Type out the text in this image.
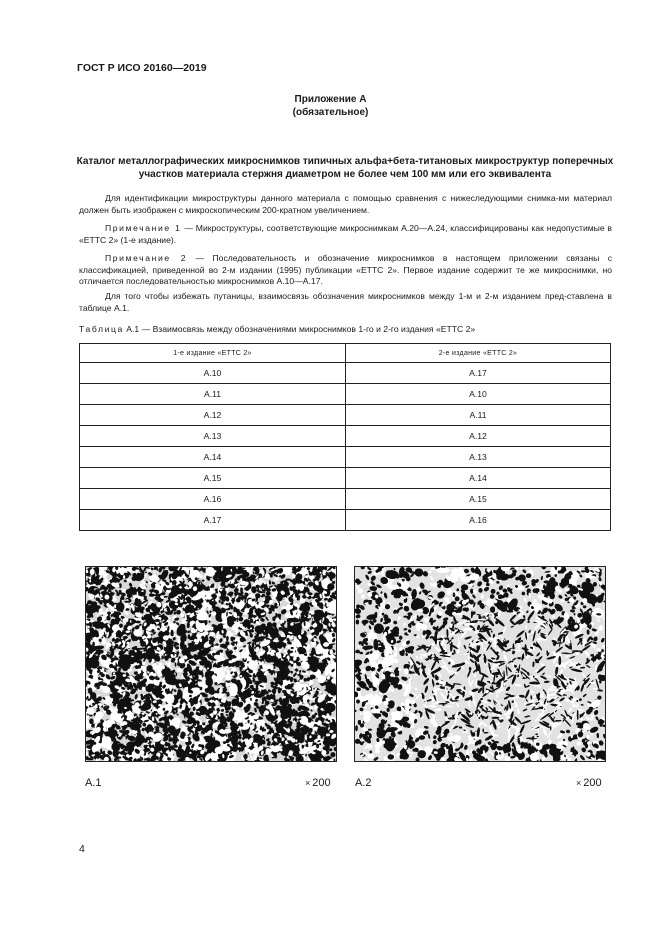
ГОСТ Р ИСО 20160—2019
Приложение А
(обязательное)
Каталог металлографических микроснимков типичных альфа+бета-титановых микроструктур поперечных участков материала стержня диаметром не более чем 100 мм или его эквивалента
Для идентификации микроструктуры данного материала с помощью сравнения с нижеследующими снимка-ми материал должен быть изображен с микроскопическим 200-кратном увеличением.
Примечание 1 — Микроструктуры, соответствующие микроснимкам А.20—А.24, классифицированы как недопустимые в «ЕТТС 2» (1-е издание).
Примечание 2 — Последовательность и обозначение микроснимков в настоящем приложении связаны с классификацией, приведенной во 2-м издании (1995) публикации «ЕТТС 2». Первое издание содержит те же микроснимки, но отличается последовательностью микроснимков А.10—А.17.
Для того чтобы избежать путаницы, взаимосвязь обозначения микроснимков между 1-м и 2-м изданием пред-ставлена в таблице А.1.
Таблица А.1 — Взаимосвязь между обозначениями микроснимков 1-го и 2-го издания «ЕТТС 2»
1-е издание «ЕТТС 2»	2-е издание «ЕТТС 2»
А.10	А.17
А.11	А.10
А.12	А.11
А.13	А.12
А.14	А.13
А.15	А.14
А.16	А.15
А.17	А.16
А.1	× 200 А.2	× 200
4
